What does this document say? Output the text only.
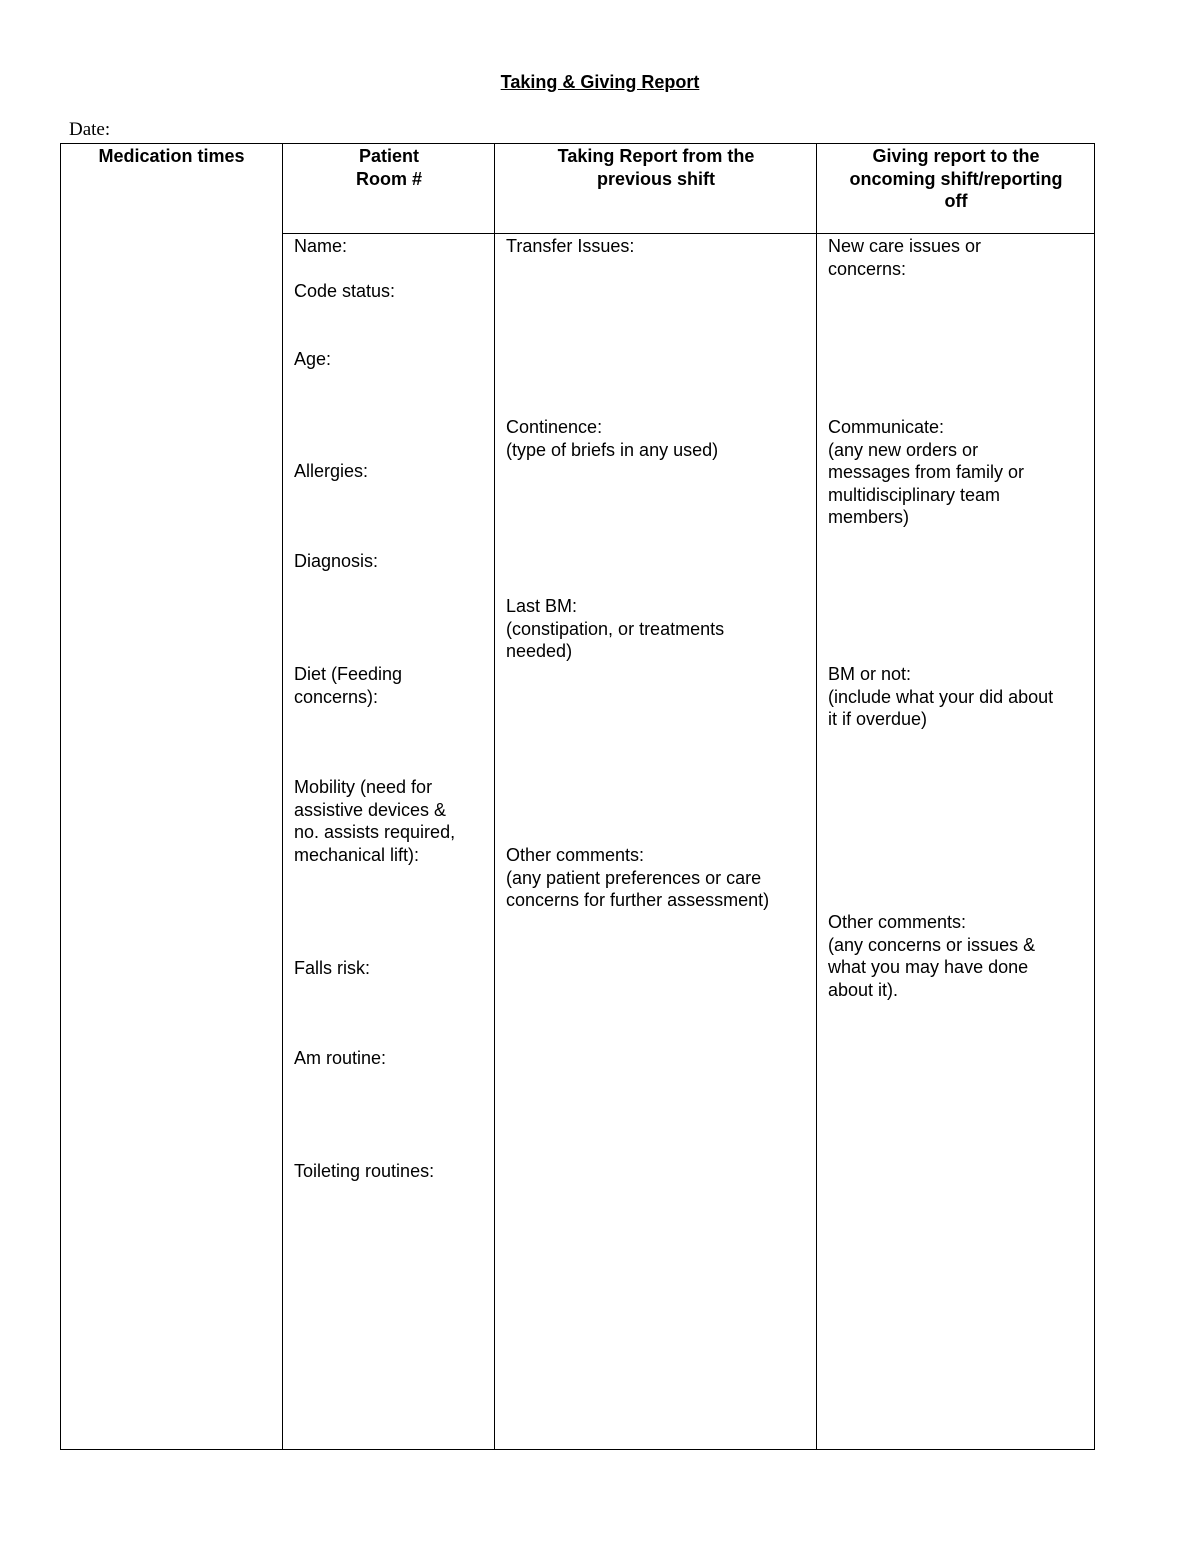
Taking & Giving Report
Date:
Medication times	Patient
Room #
Taking Report from the
previous shift
Giving report to the
oncoming shift/reporting
off
Name:
Code status:
Age:
Allergies:
Diagnosis:
Diet (Feeding
concerns):
Mobility (need for
assistive devices &
no. assists required,
mechanical lift):
Falls risk:
Am routine:
Toileting routines:
Transfer Issues:
Continence:
(type of briefs in any used)
Last BM:
(constipation, or treatments
needed)
Other comments:
(any patient preferences or care
concerns for further assessment)
New care issues or
concerns:
Communicate:
(any new orders or
messages from family or
multidisciplinary team
members)
BM or not:
(include what your did about
it if overdue)
Other comments:
(any concerns or issues &
what you may have done
about it).
